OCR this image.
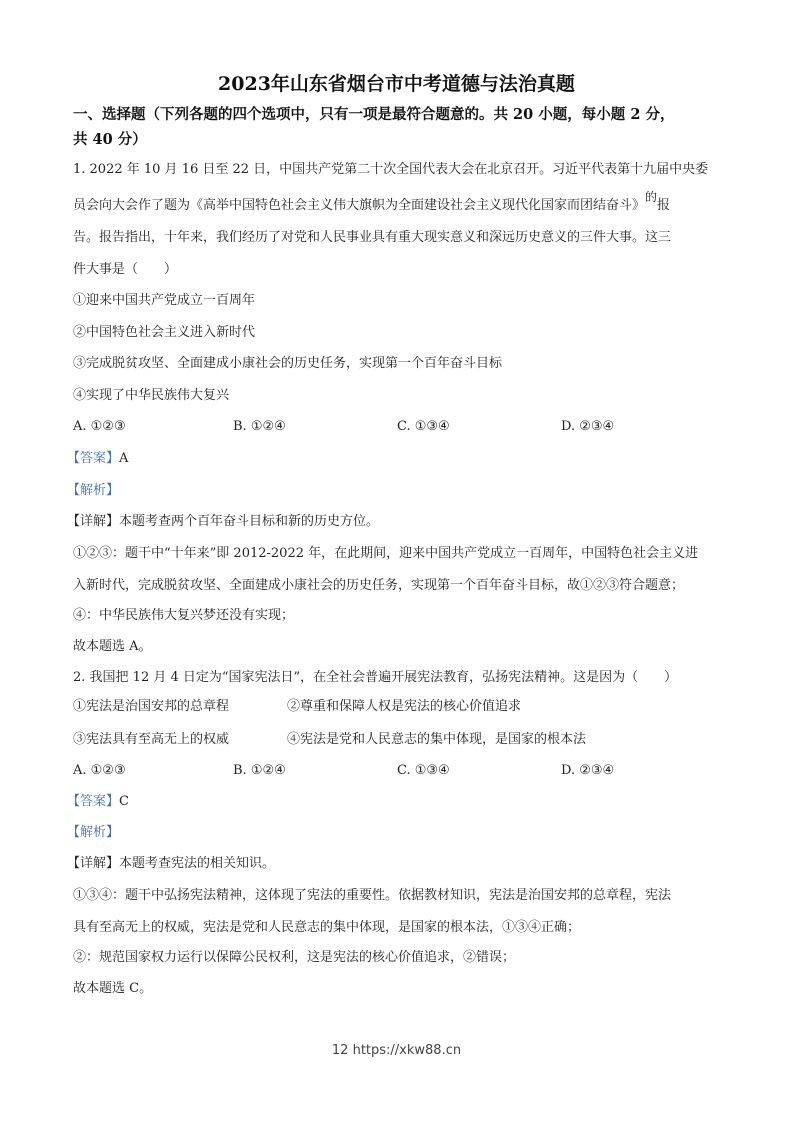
2023年山东省烟台市中考道德与法治真题
一、选择题（下列各题的四个选项中，只有一项是最符合题意的。共 20 小题，每小题 2 分，
共 40 分）
1. 2022 年 10 月 16 日至 22 日，中国共产党第二十次全国代表大会在北京召开。习近平代表第十九届中央委
员会向大会作了题为《高举中国特色社会主义伟大旗帜为全面建设社会主义现代化国家而团结奋斗》的报
告。报告指出，十年来，我们经历了对党和人民事业具有重大现实意义和深远历史意义的三件大事。这三
件大事是（　　）
①迎来中国共产党成立一百周年
②中国特色社会主义进入新时代
③完成脱贫攻坚、全面建成小康社会的历史任务，实现第一个百年奋斗目标
④实现了中华民族伟大复兴
A. ①②③	B. ①②④	C. ①③④	D. ②③④
【答案】A
【解析】
【详解】本题考查两个百年奋斗目标和新的历史方位。
①②③：题干中“十年来”即 2012-2022 年，在此期间，迎来中国共产党成立一百周年，中国特色社会主义进
入新时代，完成脱贫攻坚、全面建成小康社会的历史任务，实现第一个百年奋斗目标，故①②③符合题意；
④：中华民族伟大复兴梦还没有实现；
故本题选 A。
2. 我国把 12 月 4 日定为“国家宪法日”，在全社会普遍开展宪法教育，弘扬宪法精神。这是因为（　　）
①宪法是治国安邦的总章程	②尊重和保障人权是宪法的核心价值追求
③宪法具有至高无上的权威	④宪法是党和人民意志的集中体现，是国家的根本法
A. ①②③	B. ①②④	C. ①③④	D. ②③④
【答案】C
【解析】
【详解】本题考查宪法的相关知识。
①③④：题干中弘扬宪法精神，这体现了宪法的重要性。依据教材知识，宪法是治国安邦的总章程，宪法
具有至高无上的权威，宪法是党和人民意志的集中体现，是国家的根本法，①③④正确；
②：规范国家权力运行以保障公民权利，这是宪法的核心价值追求，②错误；
故本题选 C。
12 https://xkw88.cn
